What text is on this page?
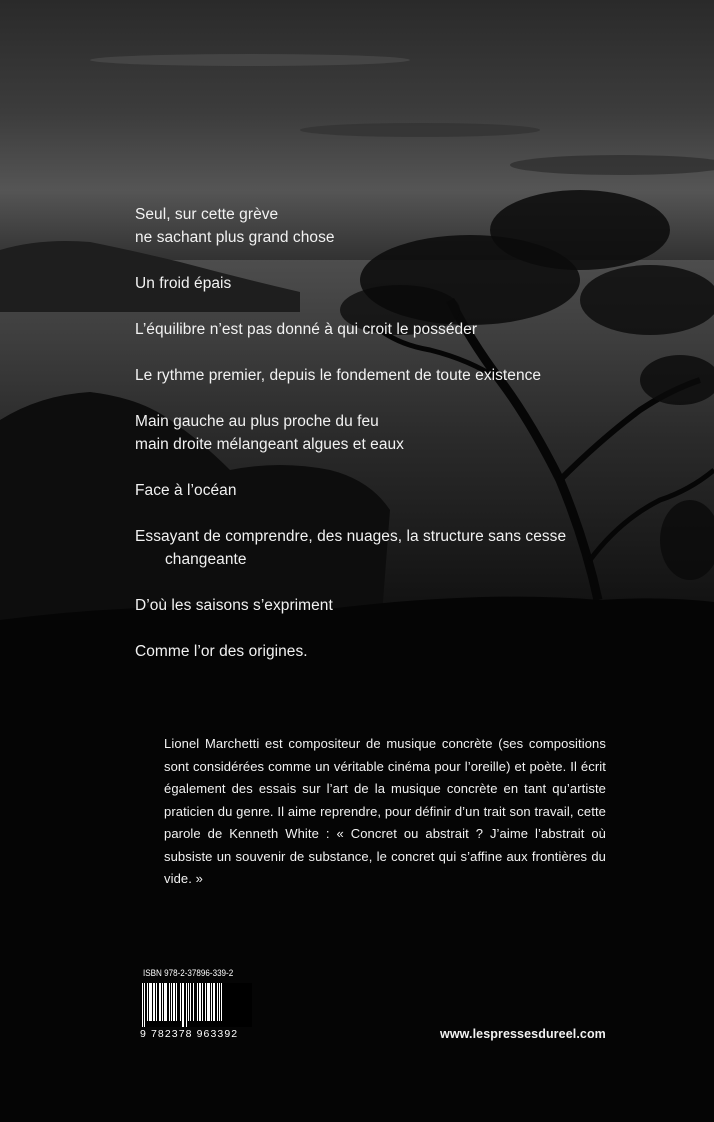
Seul, sur cette grève
ne sachant plus grand chose
Un froid épais
L’équilibre n’est pas donné à qui croit le posséder
Le rythme premier, depuis le fondement de toute existence
Main gauche au plus proche du feu
main droite mélangeant algues et eaux
Face à l’océan
Essayant de comprendre, des nuages, la structure sans cesse
changeante
D’où les saisons s’expriment
Comme l’or des origines.

Lionel Marchetti est compositeur de musique concrète (ses compositions sont considérées comme un véritable cinéma pour l’oreille) et poète. Il écrit également des essais sur l’art de la musique concrète en tant qu’artiste praticien du genre. Il aime reprendre, pour définir d’un trait son travail, cette parole de Kenneth White : « Concret ou abstrait ? J’aime l’abstrait où subsiste un souvenir de substance, le concret qui s’affine aux frontières du vide. »

ISBN 978-2-37896-339-2
9 782378 963392	www.lespressesdureel.com
